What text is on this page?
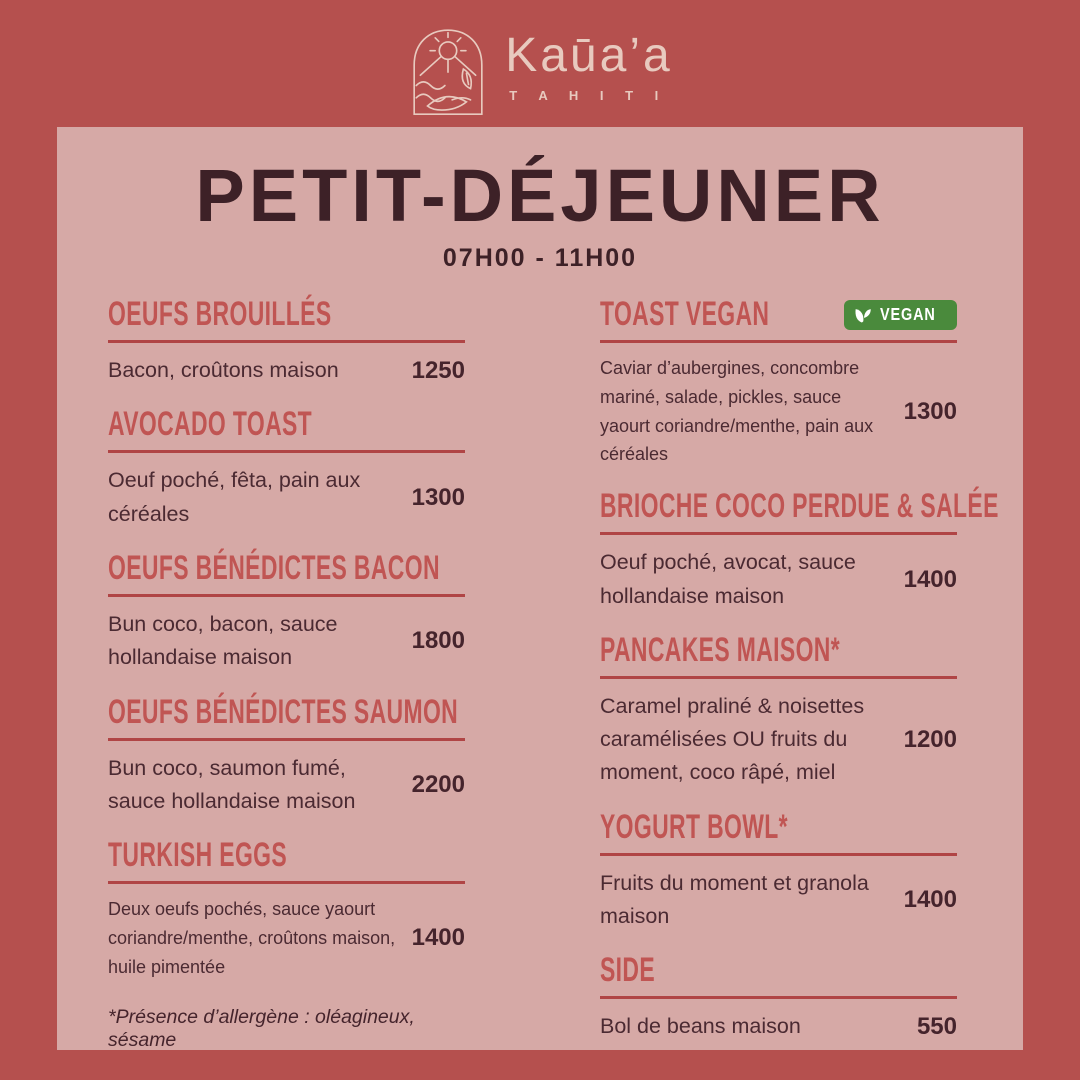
Kaūa’a
T A H I T I
PETIT-DÉJEUNER
07H00 - 11H00
OEUFS BROUILLÉS

Bacon, croûtons maison	1250
AVOCADO TOAST

Oeuf poché, fêta, pain aux céréales

1300
OEUFS BÉNÉDICTES BACON

Bun coco, bacon, sauce hollandaise maison

1800
OEUFS BÉNÉDICTES SAUMON

Bun coco, saumon fumé, sauce hollandaise maison

2200
TURKISH EGGS

Deux oeufs pochés, sauce yaourt coriandre/menthe, croûtons maison, huile pimentée

1400

*Présence d’allergène : oléagineux, sésame

TOAST VEGAN	VEGAN

Caviar d’aubergines, concombre mariné, salade, pickles, sauce yaourt coriandre/menthe, pain aux céréales

1300
BRIOCHE COCO PERDUE & SALÉE

Oeuf poché, avocat, sauce hollandaise maison

1400
PANCAKES MAISON*

Caramel praliné & noisettes caramélisées OU fruits du moment, coco râpé, miel

1200
YOGURT BOWL*

Fruits du moment et granola maison

1400
SIDE

Bol de beans maison	550
